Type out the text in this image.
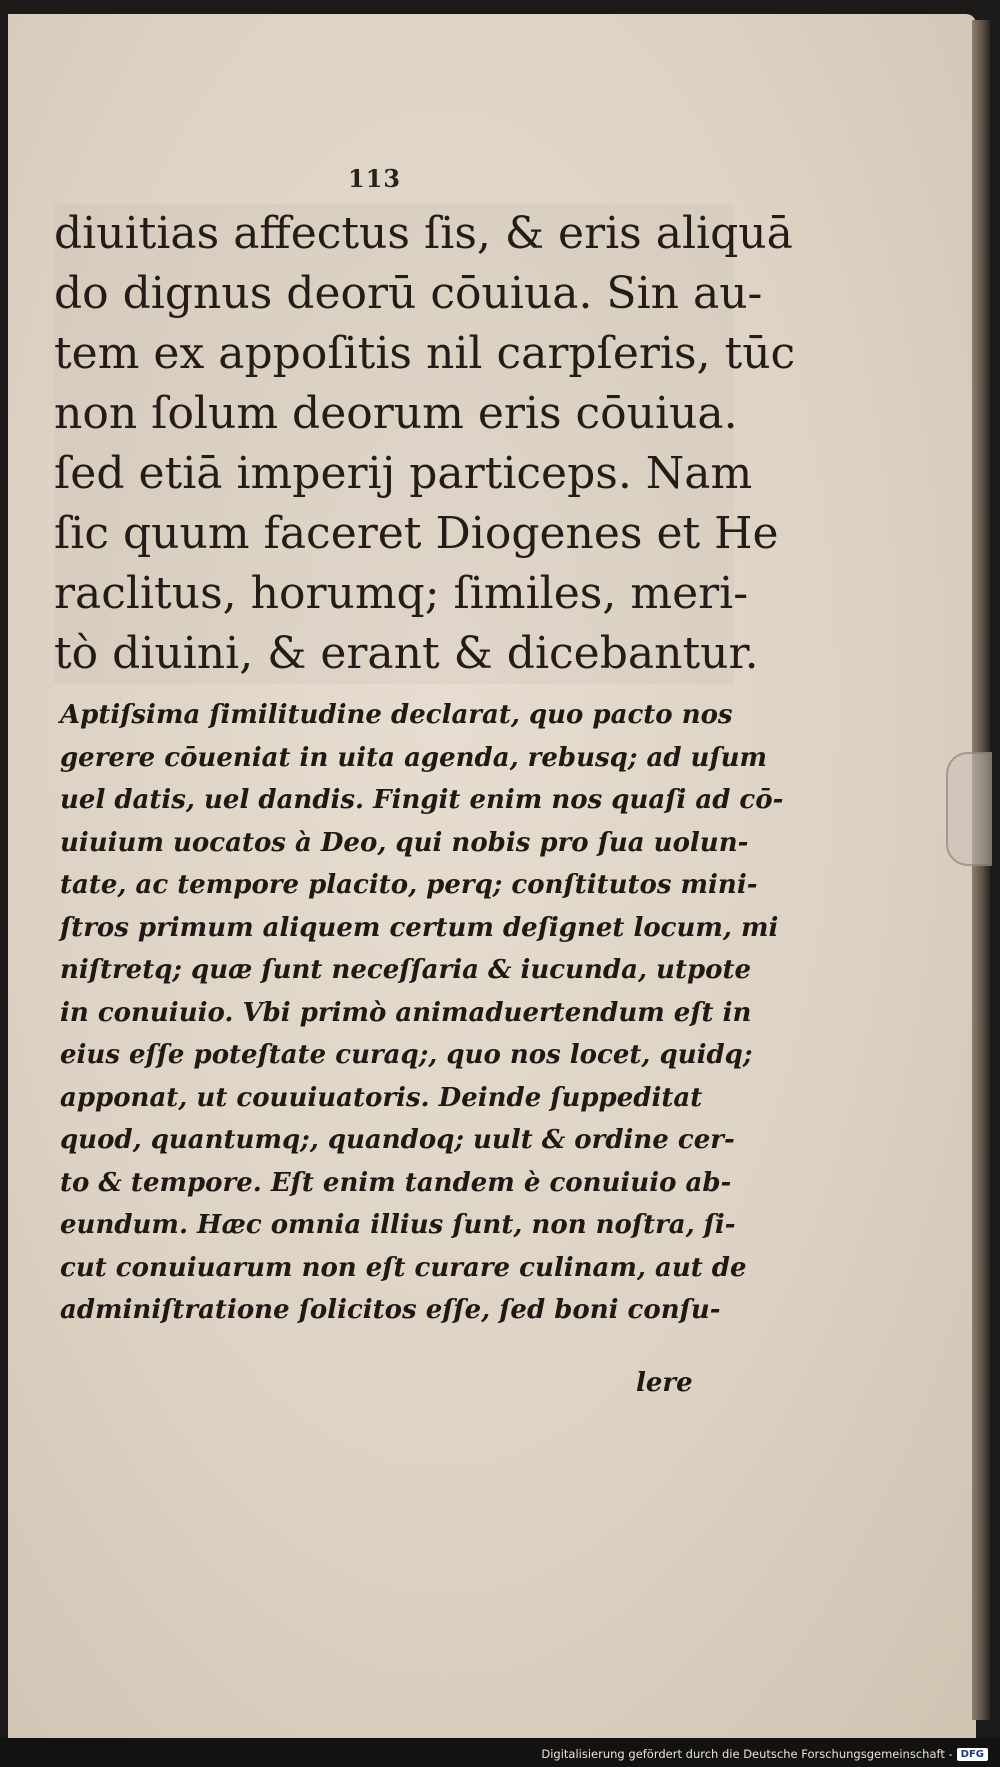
113
diuitias affectus ſis, & eris aliquā
do dignus deorū cōuiua. Sin au-
tem ex appoſitis nil carpſeris, tūc
non ſolum deorum eris cōuiua.
ſed etiā imperij particeps. Nam
ſic quum faceret Diogenes et He
raclitus, horumq; ſimiles, meri-
tò diuini, & erant & dicebantur.
Aptiſsima ſimilitudine declarat, quo pacto nos
gerere cōueniat in uita agenda, rebusq; ad uſum
uel datis, uel dandis. Fingit enim nos quaſi ad cō-
uiuium uocatos à Deo, qui nobis pro ſua uolun-
tate, ac tempore placito, perq; conſtitutos mini-
ſtros primum aliquem certum deſignet locum, mi
niſtretq; quæ ſunt neceſſaria & iucunda, utpote
in conuiuio. Vbi primò animaduertendum eſt in
eius eſſe poteſtate curaq;, quo nos locet, quidq;
apponat, ut couuiuatoris. Deinde ſuppeditat
quod, quantumq;, quandoq; uult & ordine cer-
to & tempore. Eſt enim tandem è conuiuio ab-
eundum. Hæc omnia illius ſunt, non noſtra, ſi-
cut conuiuarum non eſt curare culinam, aut de
adminiſtratione ſolicitos eſſe, ſed boni conſu-
lere
Digitalisierung gefördert durch die Deutsche Forschungsgemeinschaft - DFG
